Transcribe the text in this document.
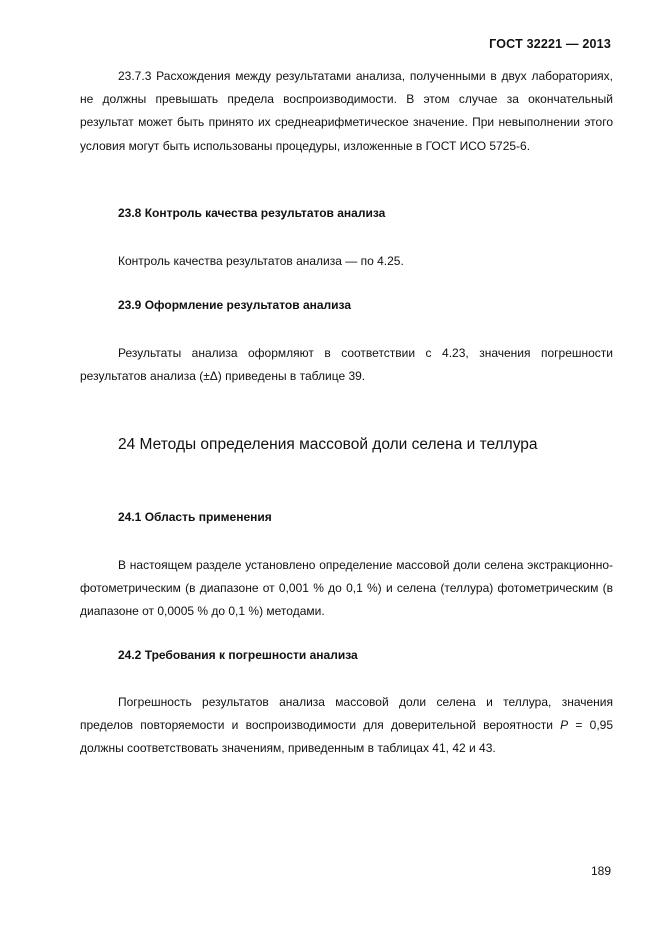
ГОСТ 32221 — 2013

23.7.3 Расхождения между результатами анализа, полученными в двух лабораториях, не должны превышать предела воспроизводимости. В этом случае за окончательный результат может быть принято их среднеарифметическое значение. При невыполнении этого условия могут быть использованы процедуры, изложенные в ГОСТ ИСО 5725-6.

23.8 Контроль качества результатов анализа

Контроль качества результатов анализа — по 4.25.

23.9 Оформление результатов анализа

Результаты анализа оформляют в соответствии с 4.23, значения погрешности результатов анализа (±Δ) приведены в таблице 39.

24 Методы определения массовой доли селена и теллура
24.1 Область применения

В настоящем разделе установлено определение массовой доли селена экстракционно-фотометрическим (в диапазоне от 0,001 % до 0,1 %) и селена (теллура) фотометрическим (в диапазоне от 0,0005 % до 0,1 %) методами.

24.2 Требования к погрешности анализа

Погрешность результатов анализа массовой доли селена и теллура, значения пределов повторяемости и воспроизводимости для доверительной вероятности P = 0,95 должны соответствовать значениям, приведенным в таблицах 41, 42 и 43.

189
